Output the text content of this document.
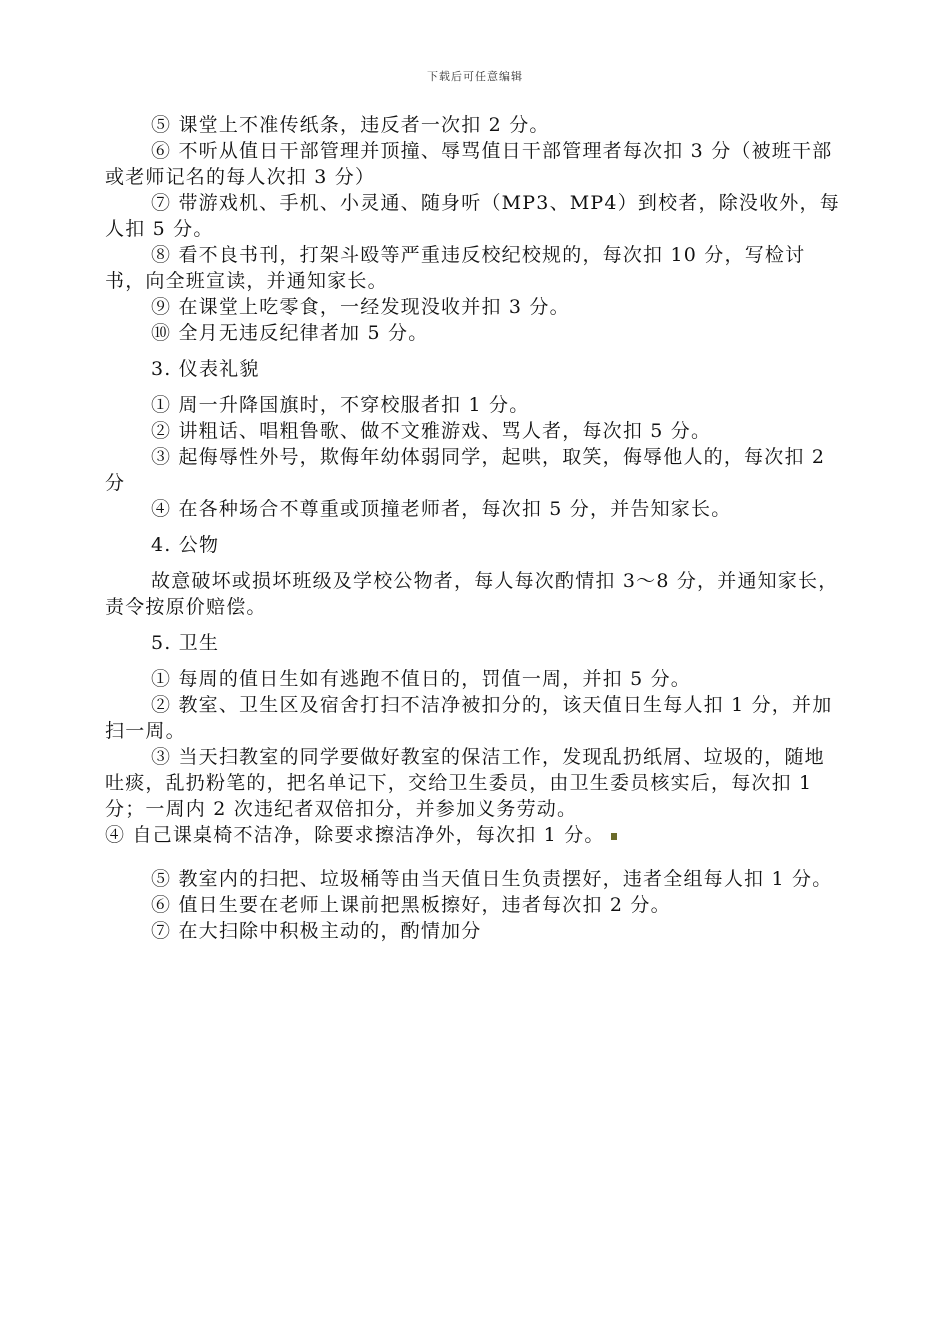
下载后可任意编辑

⑤ 课堂上不准传纸条，违反者一次扣 2 分。

⑥ 不听从值日干部管理并顶撞、辱骂值日干部管理者每次扣 3 分（被班干部或老师记名的每人次扣 3 分）

⑦ 带游戏机、手机、小灵通、随身听（MP3、MP4）到校者，除没收外，每人扣 5 分。

⑧ 看不良书刊，打架斗殴等严重违反校纪校规的，每次扣 10 分，写检讨书，向全班宣读，并通知家长。

⑨ 在课堂上吃零食，一经发现没收并扣 3 分。

⑩ 全月无违反纪律者加 5 分。

3. 仪表礼貌

① 周一升降国旗时，不穿校服者扣 1 分。

② 讲粗话、唱粗鲁歌、做不文雅游戏、骂人者，每次扣 5 分。

③ 起侮辱性外号，欺侮年幼体弱同学，起哄，取笑，侮辱他人的，每次扣 2 分

④ 在各种场合不尊重或顶撞老师者，每次扣 5 分，并告知家长。

4. 公物

故意破坏或损坏班级及学校公物者，每人每次酌情扣 3～8 分，并通知家长，责令按原价赔偿。

5. 卫生

① 每周的值日生如有逃跑不值日的，罚值一周，并扣 5 分。

② 教室、卫生区及宿舍打扫不洁净被扣分的，该天值日生每人扣 1 分，并加扫一周。

③ 当天扫教室的同学要做好教室的保洁工作，发现乱扔纸屑、垃圾的，随地吐痰，乱扔粉笔的，把名单记下，交给卫生委员，由卫生委员核实后，每次扣 1 分；一周内 2 次违纪者双倍扣分，并参加义务劳动。

④ 自己课桌椅不洁净，除要求擦洁净外，每次扣 1 分。

⑤ 教室内的扫把、垃圾桶等由当天值日生负责摆好，违者全组每人扣 1 分。

⑥ 值日生要在老师上课前把黑板擦好，违者每次扣 2 分。

⑦ 在大扫除中积极主动的，酌情加分
